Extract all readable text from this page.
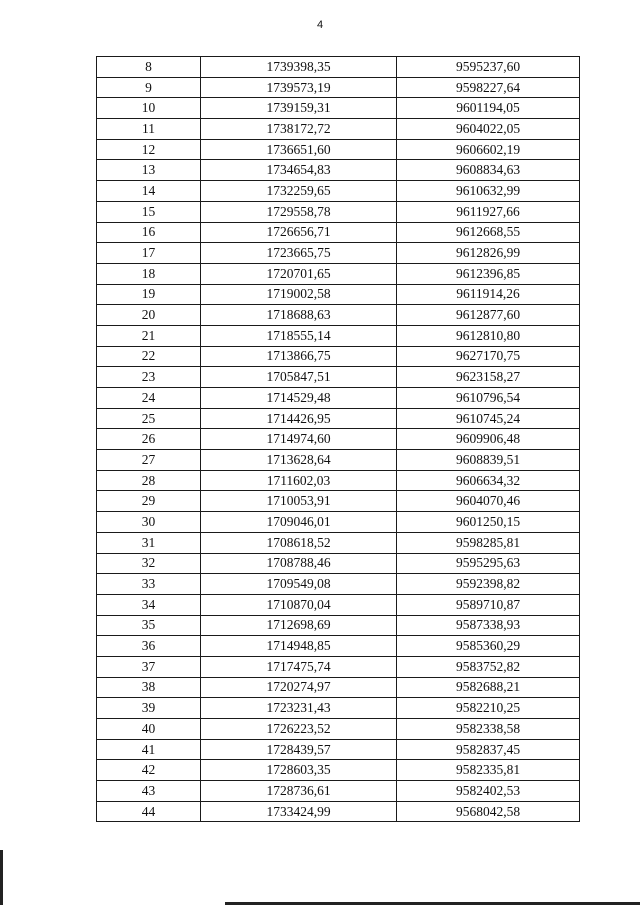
4
8	1739398,35	9595237,60
9	1739573,19	9598227,64
10	1739159,31	9601194,05
11	1738172,72	9604022,05
12	1736651,60	9606602,19
13	1734654,83	9608834,63
14	1732259,65	9610632,99
15	1729558,78	9611927,66
16	1726656,71	9612668,55
17	1723665,75	9612826,99
18	1720701,65	9612396,85
19	1719002,58	9611914,26
20	1718688,63	9612877,60
21	1718555,14	9612810,80
22	1713866,75	9627170,75
23	1705847,51	9623158,27
24	1714529,48	9610796,54
25	1714426,95	9610745,24
26	1714974,60	9609906,48
27	1713628,64	9608839,51
28	1711602,03	9606634,32
29	1710053,91	9604070,46
30	1709046,01	9601250,15
31	1708618,52	9598285,81
32	1708788,46	9595295,63
33	1709549,08	9592398,82
34	1710870,04	9589710,87
35	1712698,69	9587338,93
36	1714948,85	9585360,29
37	1717475,74	9583752,82
38	1720274,97	9582688,21
39	1723231,43	9582210,25
40	1726223,52	9582338,58
41	1728439,57	9582837,45
42	1728603,35	9582335,81
43	1728736,61	9582402,53
44	1733424,99	9568042,58
